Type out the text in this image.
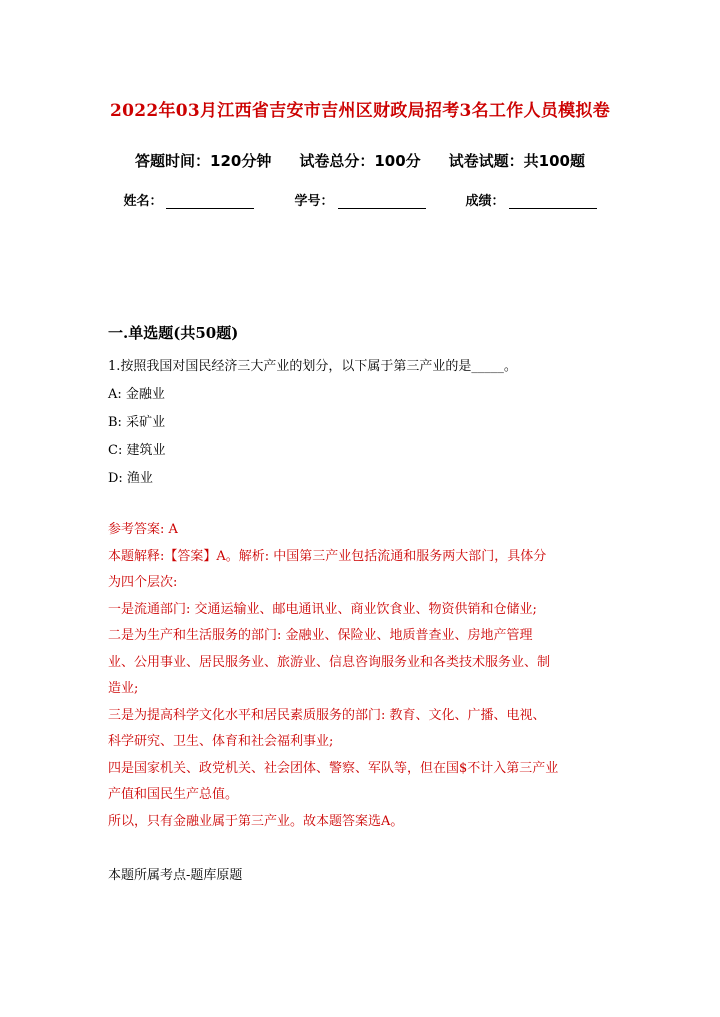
2022年03月江西省吉安市吉州区财政局招考3名工作人员模拟卷
答题时间：120分钟 试卷总分：100分 试卷试题：共100题
姓名：	学号：	成绩：
一.单选题(共50题)
1.按照我国对国民经济三大产业的划分，以下属于第三产业的是_____。
A: 金融业
B: 采矿业
C: 建筑业
D: 渔业
参考答案: A
本题解释:【答案】A。解析: 中国第三产业包括流通和服务两大部门，具体分
为四个层次:
一是流通部门: 交通运输业、邮电通讯业、商业饮食业、物资供销和仓储业;
二是为生产和生活服务的部门: 金融业、保险业、地质普查业、房地产管理
业、公用事业、居民服务业、旅游业、信息咨询服务业和各类技术服务业、制
造业;
三是为提高科学文化水平和居民素质服务的部门: 教育、文化、广播、电视、
科学研究、卫生、体育和社会福利事业;
四是国家机关、政党机关、社会团体、警察、军队等，但在国$不计入第三产业
产值和国民生产总值。
所以，只有金融业属于第三产业。故本题答案选A。
本题所属考点-题库原题
